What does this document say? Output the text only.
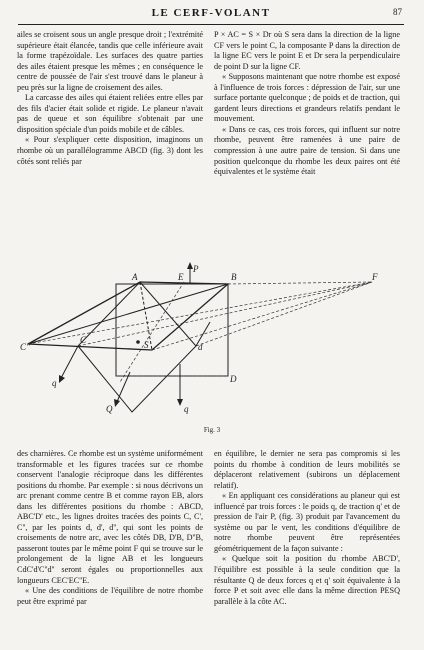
LE CERF-VOLANT	87

ailes se croisent sous un angle presque droit ; l'extrémité supérieure était élancée, tandis que celle inférieure avait la forme trapézoïdale. Les surfaces des quatre parties des ailes étaient presque les mêmes ; en conséquence le centre de poussée de l'air s'est trouvé dans le planeur à peu près sur la ligne de croisement des ailes.

La carcasse des ailes qui étaient reliées entre elles par des fils d'acier était solide et rigide. Le planeur n'avait pas de queue et son équilibre s'obtenait par une disposition spéciale d'un poids mobile et de câbles.

« Pour s'expliquer cette disposition, imaginons un rhombe où un parallélogramme ABCD (fig. 3) dont les côtés sont reliés par

P × AC = S × Dr où S sera dans la direction de la ligne CF vers le point C, la composante P dans la direction de la ligne EC vers le point E et Dr sera la perpendiculaire de point D sur la ligne CF.

« Supposons maintenant que notre rhombe est exposé à l'influence de trois forces : dépression de l'air, sur une surface portante quelconque ; de poids et de traction, qui gardent leurs directions et grandeurs relatifs pendant le mouvement.

« Dans ce cas, ces trois forces, qui influent sur notre rhombe, peuvent être ramenées à une paire de compression à une autre paire de tension. Si dans une position quelconque du rhombe les deux paires ont été équivalentes et le système était

P
A	E	B	F
C''
C	S
D
d
q
Q	q
Fig. 3

des charnières. Ce rhombe est un système uniformément transformable et les figures tracées sur ce rhombe conservent l'analogie réciproque dans les différentes positions du rhombe. Par exemple : si nous décrivons un arc prenant comme centre B et comme rayon EB, alors dans les différentes positions du rhombe : ABCD, ABC'D' etc., les lignes droites tracées des points C, C', C'', par les points d, d', d'', qui sont les points de croisements de notre arc, avec les côtés DB, D'B, D''B, passeront toutes par le même point F qui se trouve sur le prolongement de la ligne AB et les longueurs CdC'd'C''d'' seront égales ou proportionnelles aux longueurs CEC'EC''E.

« Une des conditions de l'équilibre de notre rhombe peut être exprimé par

en équilibre, le dernier ne sera pas compromis si les points du rhombe à condition de leurs mobilités se déplaceront relativement (subirons un déplacement relatif).

« En appliquant ces considérations au planeur qui est influencé par trois forces : le poids q, de traction q' et de pression de l'air P, (fig. 3) produit par l'avancement du système ou par le vent, les conditions d'équilibre de notre rhombe peuvent être représentées géométriquement de la façon suivante :

« Quelque soit la position du rhombe ABC'D', l'équilibre est possible à la seule condition que la résultante Q de deux forces q et q' soit équivalente à la force P et soit avec elle dans la même direction PESQ parallèle à la côte AC.
